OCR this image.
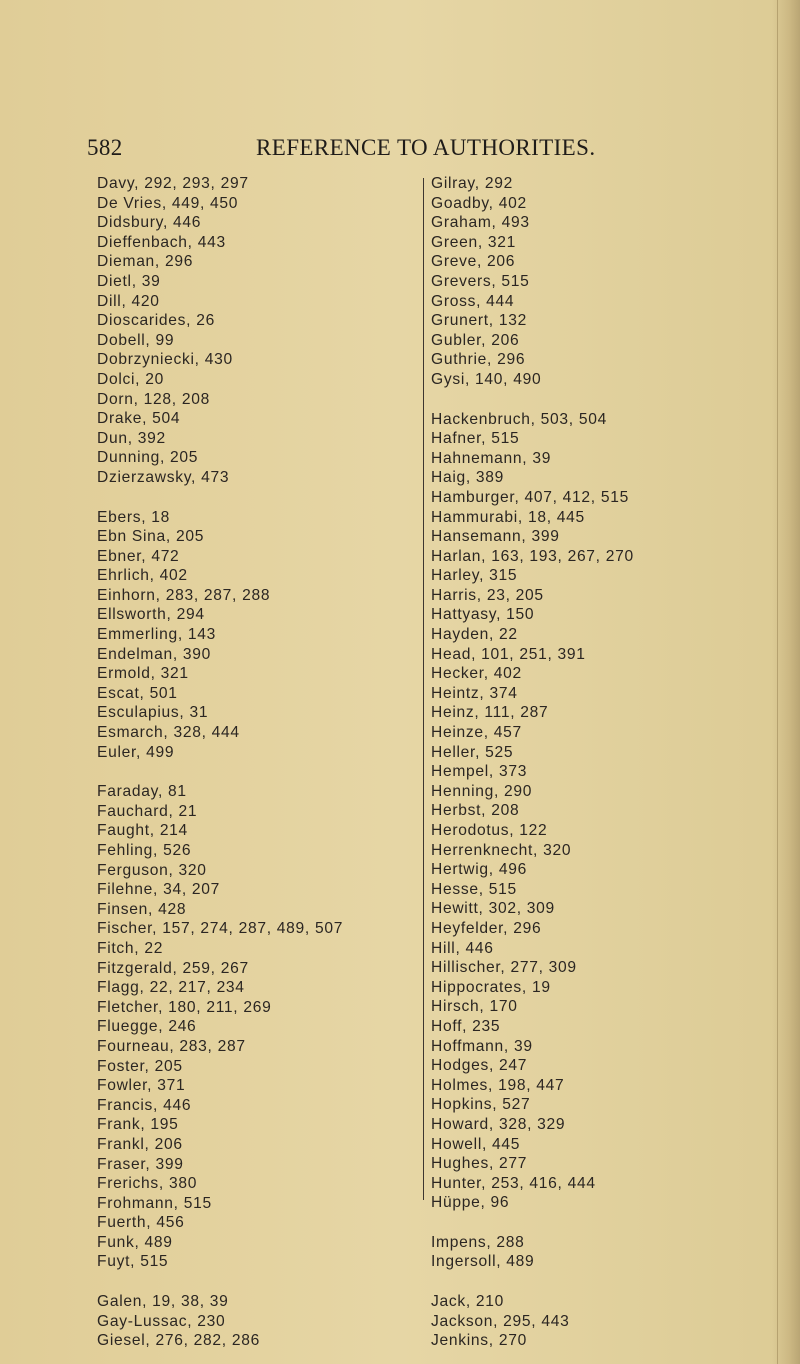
582	REFERENCE TO AUTHORITIES.
Davy, 292, 293, 297
De Vries, 449, 450
Didsbury, 446
Dieffenbach, 443
Dieman, 296
Dietl, 39
Dill, 420
Dioscarides, 26
Dobell, 99
Dobrzyniecki, 430
Dolci, 20
Dorn, 128, 208
Drake, 504
Dun, 392
Dunning, 205
Dzierzawsky, 473
Ebers, 18
Ebn Sina, 205
Ebner, 472
Ehrlich, 402
Einhorn, 283, 287, 288
Ellsworth, 294
Emmerling, 143
Endelman, 390
Ermold, 321
Escat, 501
Esculapius, 31
Esmarch, 328, 444
Euler, 499
Faraday, 81
Fauchard, 21
Faught, 214
Fehling, 526
Ferguson, 320
Filehne, 34, 207
Finsen, 428
Fischer, 157, 274, 287, 489, 507
Fitch, 22
Fitzgerald, 259, 267
Flagg, 22, 217, 234
Fletcher, 180, 211, 269
Fluegge, 246
Fourneau, 283, 287
Foster, 205
Fowler, 371
Francis, 446
Frank, 195
Frankl, 206
Fraser, 399
Frerichs, 380
Frohmann, 515
Fuerth, 456
Funk, 489
Fuyt, 515
Galen, 19, 38, 39
Gay-Lussac, 230
Giesel, 276, 282, 286
Gilray, 292
Goadby, 402
Graham, 493
Green, 321
Greve, 206
Grevers, 515
Gross, 444
Grunert, 132
Gubler, 206
Guthrie, 296
Gysi, 140, 490
Hackenbruch, 503, 504
Hafner, 515
Hahnemann, 39
Haig, 389
Hamburger, 407, 412, 515
Hammurabi, 18, 445
Hansemann, 399
Harlan, 163, 193, 267, 270
Harley, 315
Harris, 23, 205
Hattyasy, 150
Hayden, 22
Head, 101, 251, 391
Hecker, 402
Heintz, 374
Heinz, 111, 287
Heinze, 457
Heller, 525
Hempel, 373
Henning, 290
Herbst, 208
Herodotus, 122
Herrenknecht, 320
Hertwig, 496
Hesse, 515
Hewitt, 302, 309
Heyfelder, 296
Hill, 446
Hillischer, 277, 309
Hippocrates, 19
Hirsch, 170
Hoff, 235
Hoffmann, 39
Hodges, 247
Holmes, 198, 447
Hopkins, 527
Howard, 328, 329
Howell, 445
Hughes, 277
Hunter, 253, 416, 444
Hüppe, 96
Impens, 288
Ingersoll, 489
Jack, 210
Jackson, 295, 443
Jenkins, 270
